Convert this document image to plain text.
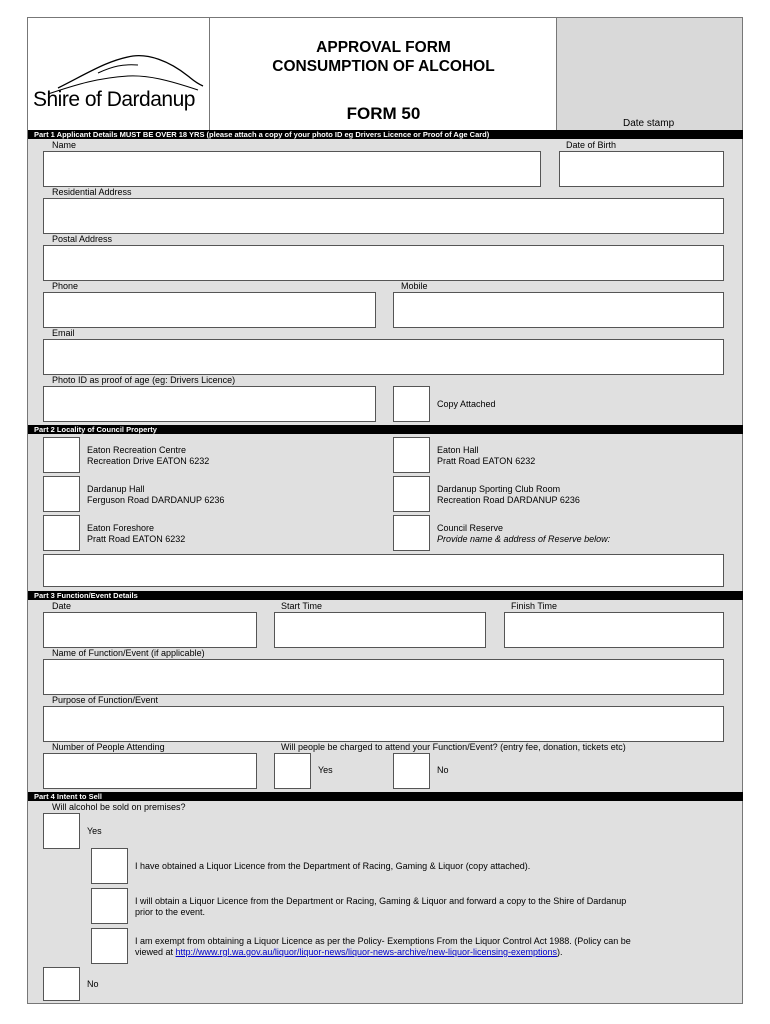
Shire of Dardanup
APPROVAL FORM
CONSUMPTION OF ALCOHOL
FORM 50
Date stamp
Part 1 Applicant Details MUST BE OVER 18 YRS (please attach a copy of your photo ID eg Drivers Licence or Proof of Age Card)
Name	Date of Birth
Residential Address
Postal Address
Phone	Mobile
Email
Photo ID as proof of age (eg: Drivers Licence)
Copy Attached
Part 2 Locality of Council Property
Eaton Recreation Centre
Recreation Drive EATON 6232
Eaton Hall
Pratt Road EATON 6232
Dardanup Hall
Ferguson Road DARDANUP 6236
Dardanup Sporting Club Room
Recreation Road DARDANUP 6236
Eaton Foreshore
Pratt Road EATON 6232
Council Reserve
Provide name & address of Reserve below:
Part 3 Function/Event Details
Date	Start Time	Finish Time
Name of Function/Event (if applicable)
Purpose of Function/Event
Number of People Attending	Will people be charged to attend your Function/Event? (entry fee, donation, tickets etc)
Yes	No
Part 4 Intent to Sell
Will alcohol be sold on premises?
Yes
I have obtained a Liquor Licence from the Department of Racing, Gaming & Liquor (copy attached).
I will obtain a Liquor Licence from the Department or Racing, Gaming & Liquor and forward a copy to the Shire of Dardanup
prior to the event.
I am exempt from obtaining a Liquor Licence as per the Policy- Exemptions From the Liquor Control Act 1988. (Policy can be
viewed at http://www.rgl.wa.gov.au/liquor/liquor-news/liquor-news-archive/new-liquor-licensing-exemptions).
No
